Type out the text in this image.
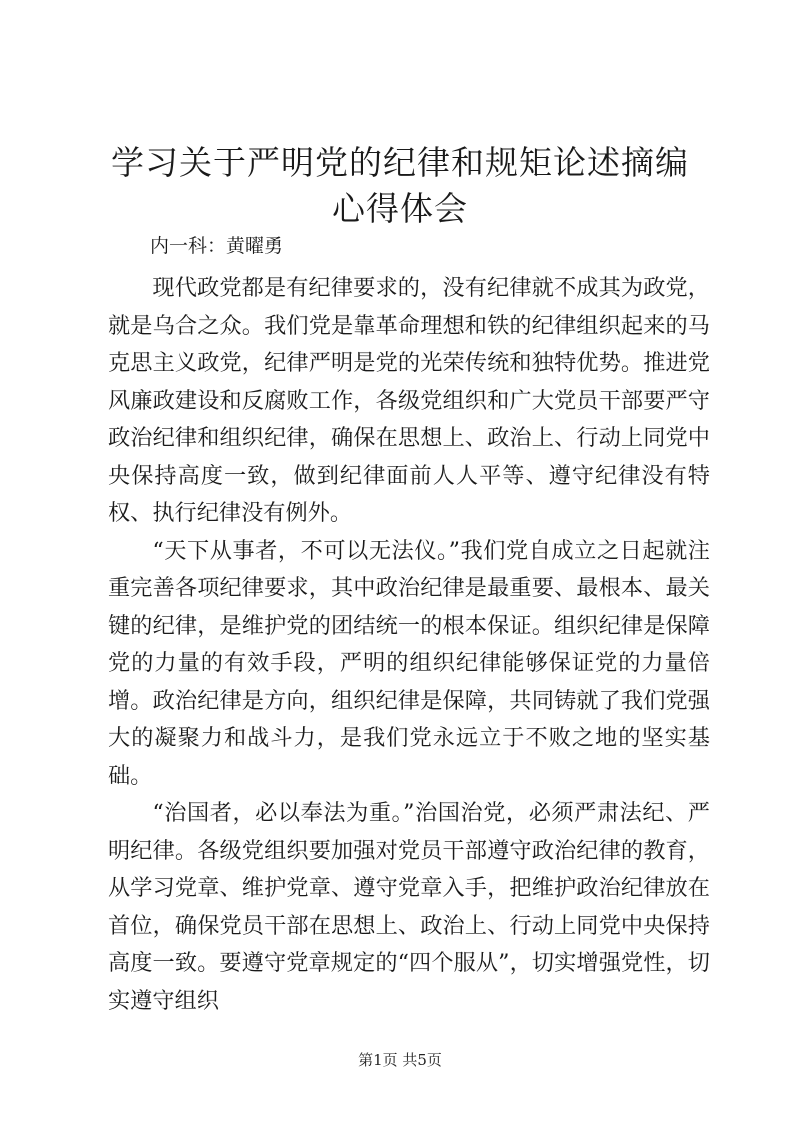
学习关于严明党的纪律和规矩论述摘编心得体会

内一科：黄曜勇

现代政党都是有纪律要求的，没有纪律就不成其为政党，就是乌合之众。我们党是靠革命理想和铁的纪律组织起来的马克思主义政党，纪律严明是党的光荣传统和独特优势。推进党风廉政建设和反腐败工作，各级党组织和广大党员干部要严守政治纪律和组织纪律，确保在思想上、政治上、行动上同党中央保持高度一致，做到纪律面前人人平等、遵守纪律没有特权、执行纪律没有例外。

“天下从事者，不可以无法仪。”我们党自成立之日起就注重完善各项纪律要求，其中政治纪律是最重要、最根本、最关键的纪律，是维护党的团结统一的根本保证。组织纪律是保障党的力量的有效手段，严明的组织纪律能够保证党的力量倍增。政治纪律是方向，组织纪律是保障，共同铸就了我们党强大的凝聚力和战斗力，是我们党永远立于不败之地的坚实基础。

“治国者，必以奉法为重。”治国治党，必须严肃法纪、严明纪律。各级党组织要加强对党员干部遵守政治纪律的教育，从学习党章、维护党章、遵守党章入手，把维护政治纪律放在首位，确保党员干部在思想上、政治上、行动上同党中央保持高度一致。要遵守党章规定的“四个服从”，切实增强党性，切实遵守组织

第1页 共5页
